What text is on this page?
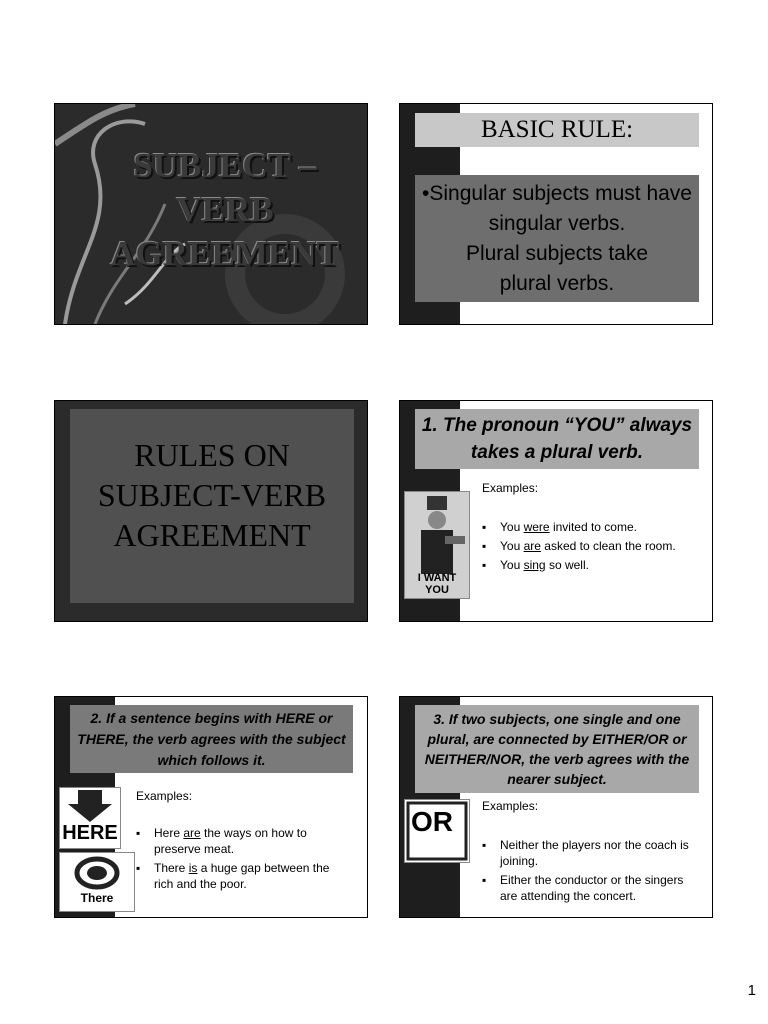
SUBJECT – VERB AGREEMENT
BASIC RULE:
•Singular subjects must have singular verbs.
Plural subjects take
plural verbs.
RULES ON SUBJECT-VERB AGREEMENT
1. The pronoun “YOU” always takes a plural verb.
I WANT YOU
Examples:
▪ You were invited to come.
▪ You are asked to clean the room.
▪ You sing so well.
2. If a sentence begins with HERE or THERE, the verb agrees with the subject which follows it.
HERE
There
Examples:
▪ Here are the ways on how to preserve meat.
▪ There is a huge gap between the rich and the poor.
3. If two subjects, one single and one plural, are connected by EITHER/OR or NEITHER/NOR, the verb agrees with the nearer subject.
OR Examples:
▪ Neither the players nor the coach is joining.
▪ Either the conductor or the singers are attending the concert.
1
